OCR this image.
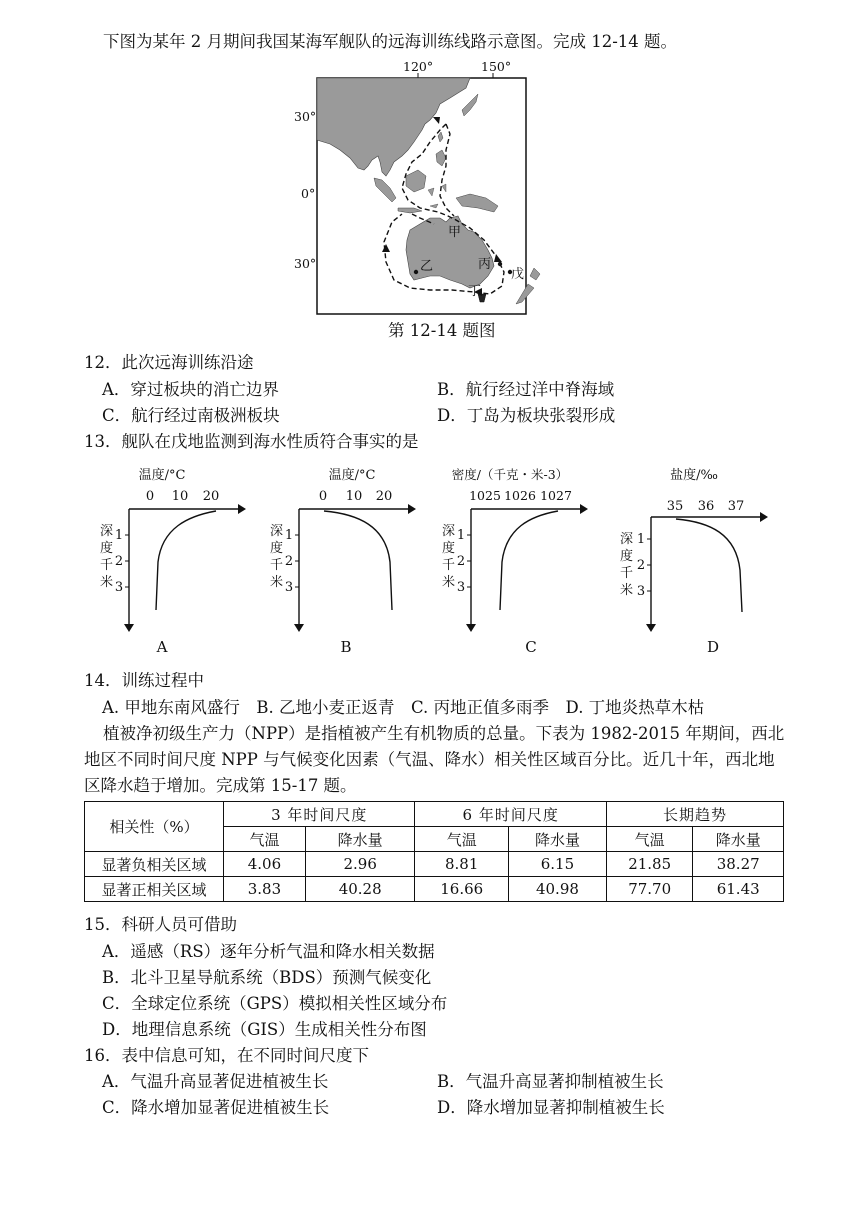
下图为某年 2 月期间我国某海军舰队的远海训练线路示意图。完成 12-14 题。
120°	150°
30°
0°
30°
甲
乙	丙
丁
戊
第 12-14 题图
12．此次远海训练沿途
A．穿过板块的消亡边界	B．航行经过洋中脊海域
C．航行经过南极洲板块	D．丁岛为板块张裂形成
13．舰队在戊地监测到海水性质符合事实的是
温度/°C
0 10 20
1
2
3
深
度
千
米
A
温度/°C
0 10 20
1
2
3
深
度
千
米
B
密度/（千克・米-3）
1025 1026 1027
1
2
3
深
度
千
米
C
盐度/‰
35 36 37
1
2
3
深
度
千
米
D
14．训练过程中
A. 甲地东南风盛行　B. 乙地小麦正返青　C. 丙地正值多雨季　D. 丁地炎热草木枯
植被净初级生产力（NPP）是指植被产生有机物质的总量。下表为 1982-2015 年期间，西北
地区不同时间尺度 NPP 与气候变化因素（气温、降水）相关性区域百分比。近几十年，西北地
区降水趋于增加。完成第 15-17 题。
相关性（%）	3 年时间尺度		6 年时间尺度		长期趋势	
	气温	降水量	气温	降水量	气温	降水量
显著负相关区域	4.06	2.96	8.81	6.15	21.85	38.27
显著正相关区域	3.83	40.28	16.66	40.98	77.70	61.43
15．科研人员可借助
A．遥感（RS）逐年分析气温和降水相关数据
B．北斗卫星导航系统（BDS）预测气候变化
C．全球定位系统（GPS）模拟相关性区域分布
D．地理信息系统（GIS）生成相关性分布图
16．表中信息可知，在不同时间尺度下
A．气温升高显著促进植被生长	B．气温升高显著抑制植被生长
C．降水增加显著促进植被生长	D．降水增加显著抑制植被生长
